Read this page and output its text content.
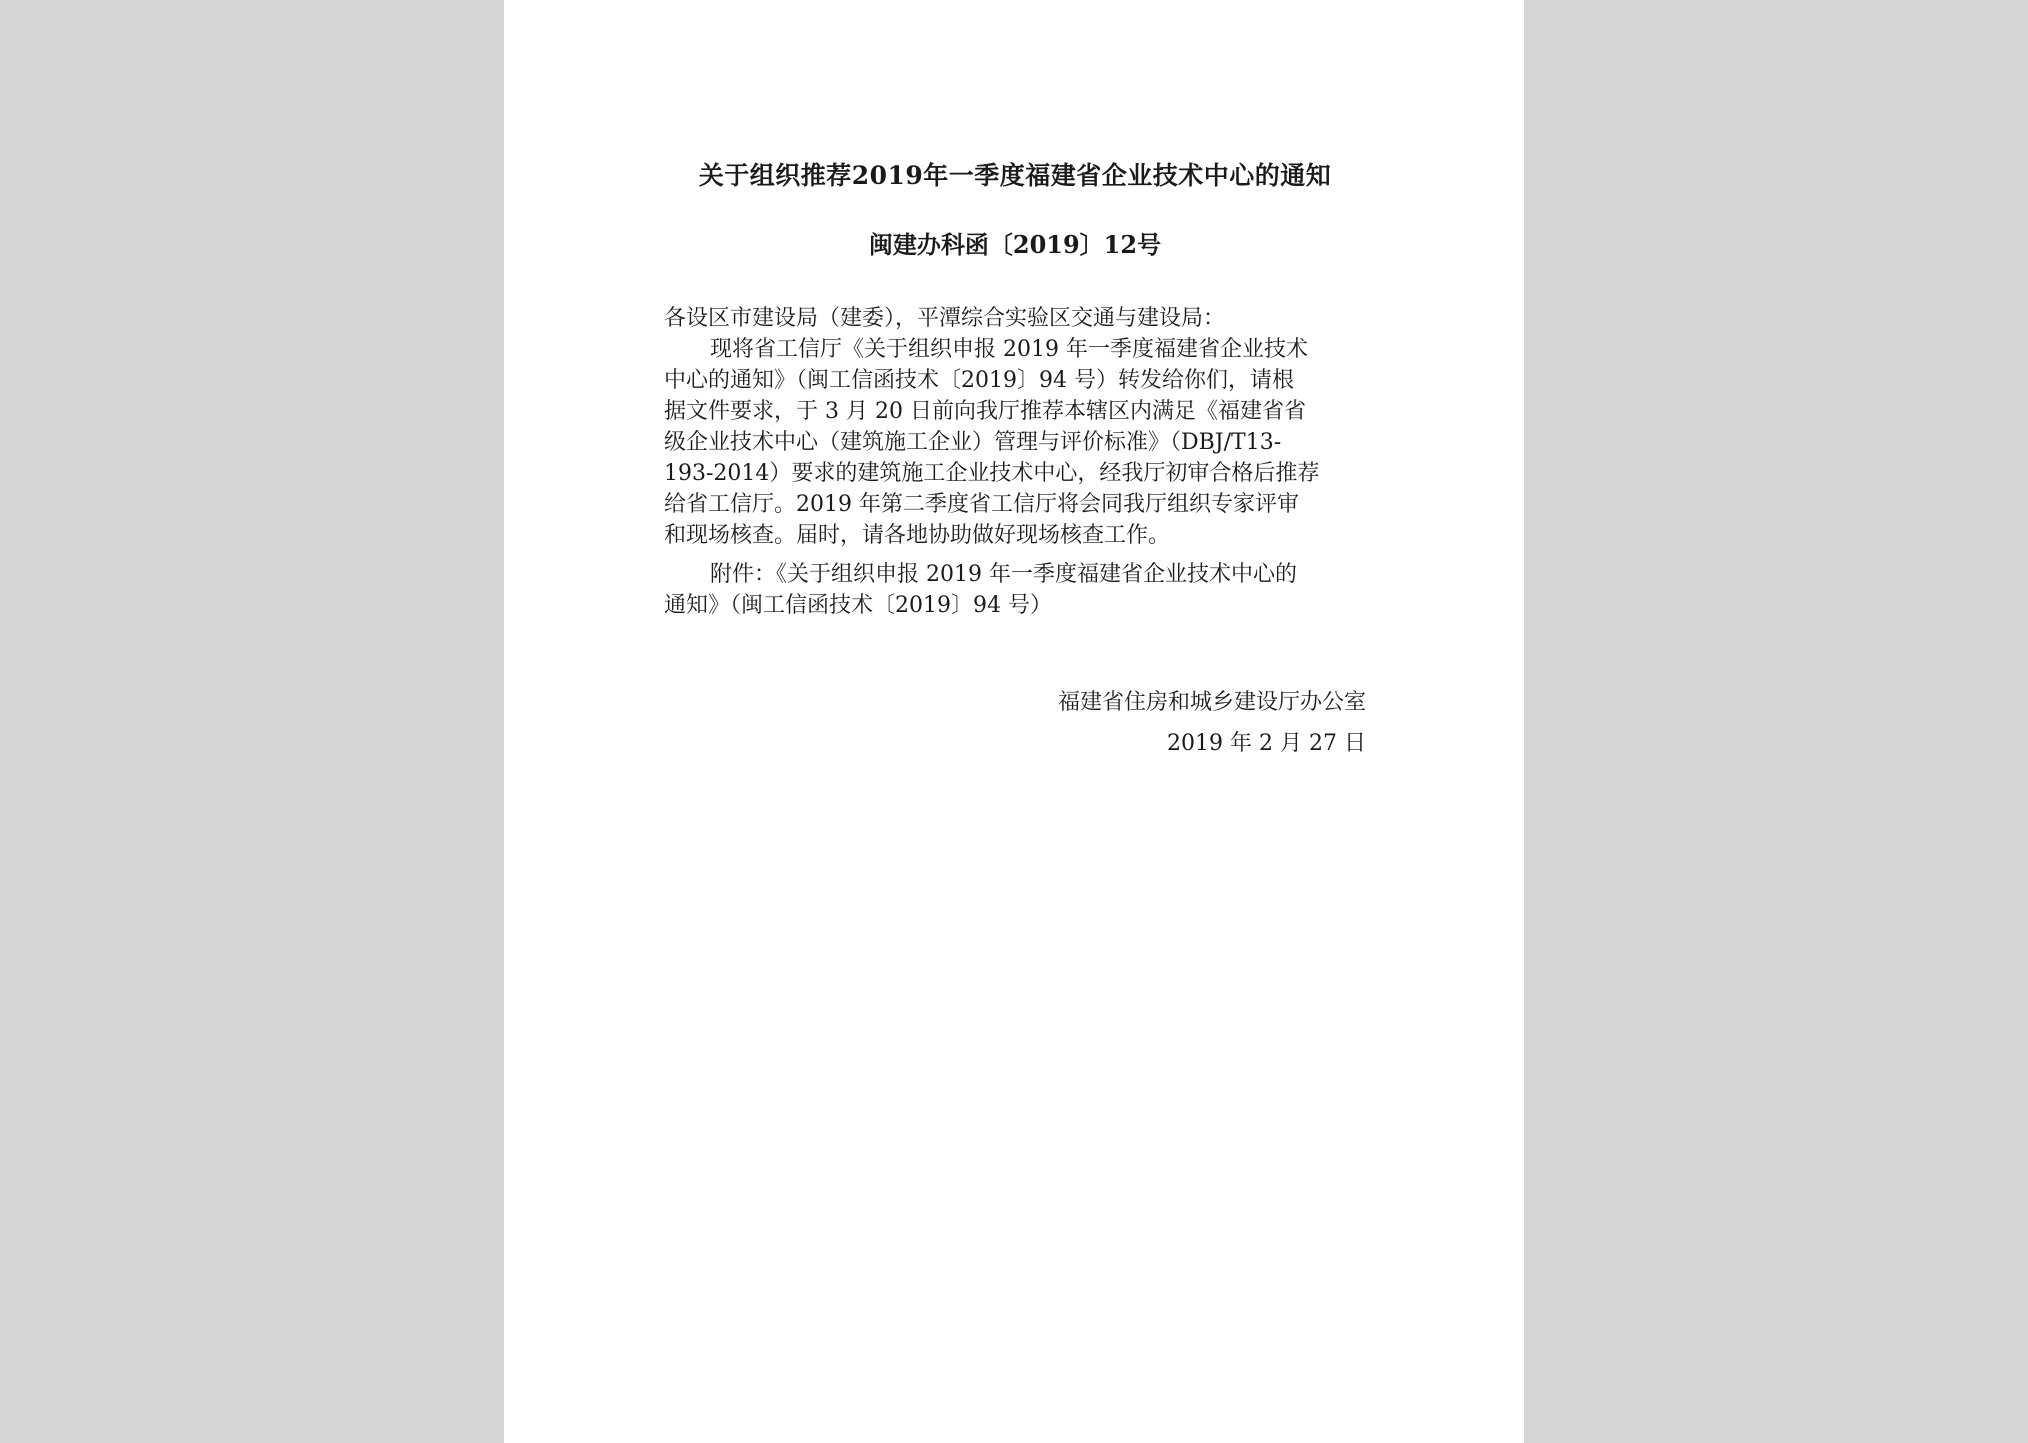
关于组织推荐2019年一季度福建省企业技术中心的通知
闽建办科函〔2019〕12号

各设区市建设局（建委），平潭综合实验区交通与建设局：

现将省工信厅《关于组织申报 2019 年一季度福建省企业技术

中心的通知》（闽工信函技术〔2019〕94 号）转发给你们，请根

据文件要求，于 3 月 20 日前向我厅推荐本辖区内满足《福建省省

级企业技术中心（建筑施工企业）管理与评价标准》（DBJ/T13-

193-2014）要求的建筑施工企业技术中心，经我厅初审合格后推荐

给省工信厅。2019 年第二季度省工信厅将会同我厅组织专家评审

和现场核查。届时，请各地协助做好现场核查工作。

附件：《关于组织申报 2019 年一季度福建省企业技术中心的

通知》（闽工信函技术〔2019〕94 号）

福建省住房和城乡建设厅办公室

2019 年 2 月 27 日
